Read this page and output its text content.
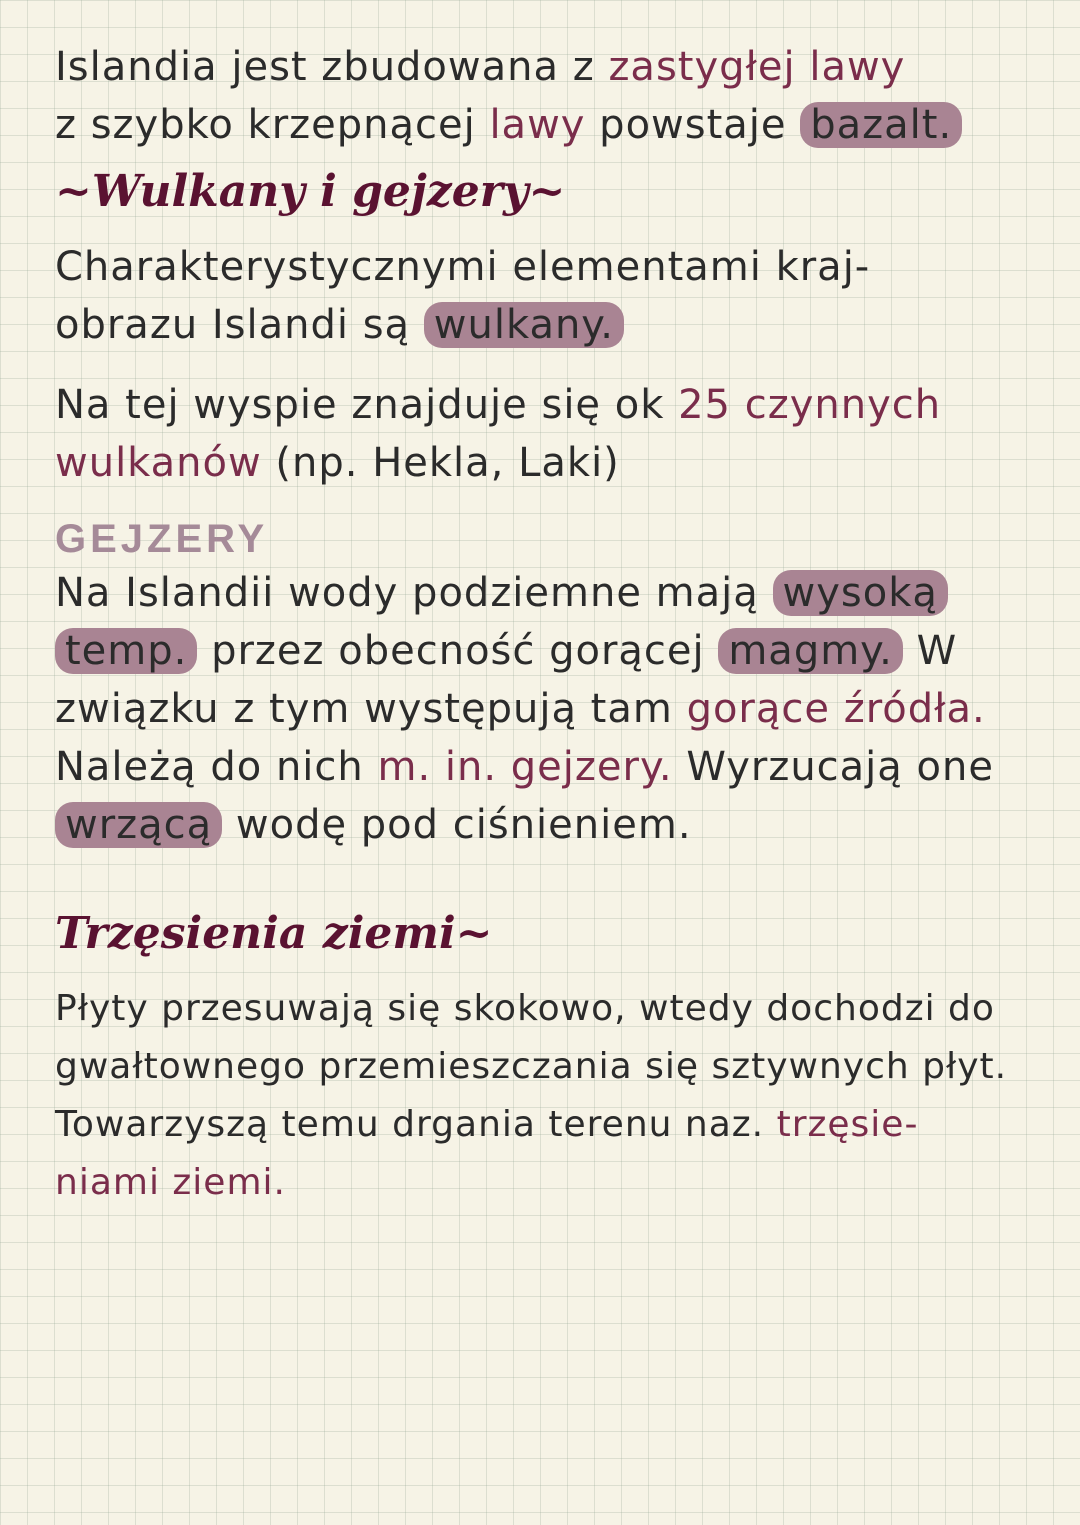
Islandia jest zbudowana z zastygłej lawy
z szybko krzepnącej lawy powstaje bazalt.
~Wulkany i gejzery~
Charakterystycznymi elementami kraj-
obrazu Islandi są wulkany.
Na tej wyspie znajduje się ok 25 czynnych
wulkanów (np. Hekla, Laki)
GEJZERY
Na Islandii wody podziemne mają wysoką
temp. przez obecność gorącej magmy. W
związku z tym występują tam gorące źródła.
Należą do nich m. in. gejzery. Wyrzucają one
wrzącą wodę pod ciśnieniem.
Trzęsienia ziemi~
Płyty przesuwają się skokowo, wtedy dochodzi do
gwałtownego przemieszczania się sztywnych płyt.
Towarzyszą temu drgania terenu naz. trzęsie-
niami ziemi.
